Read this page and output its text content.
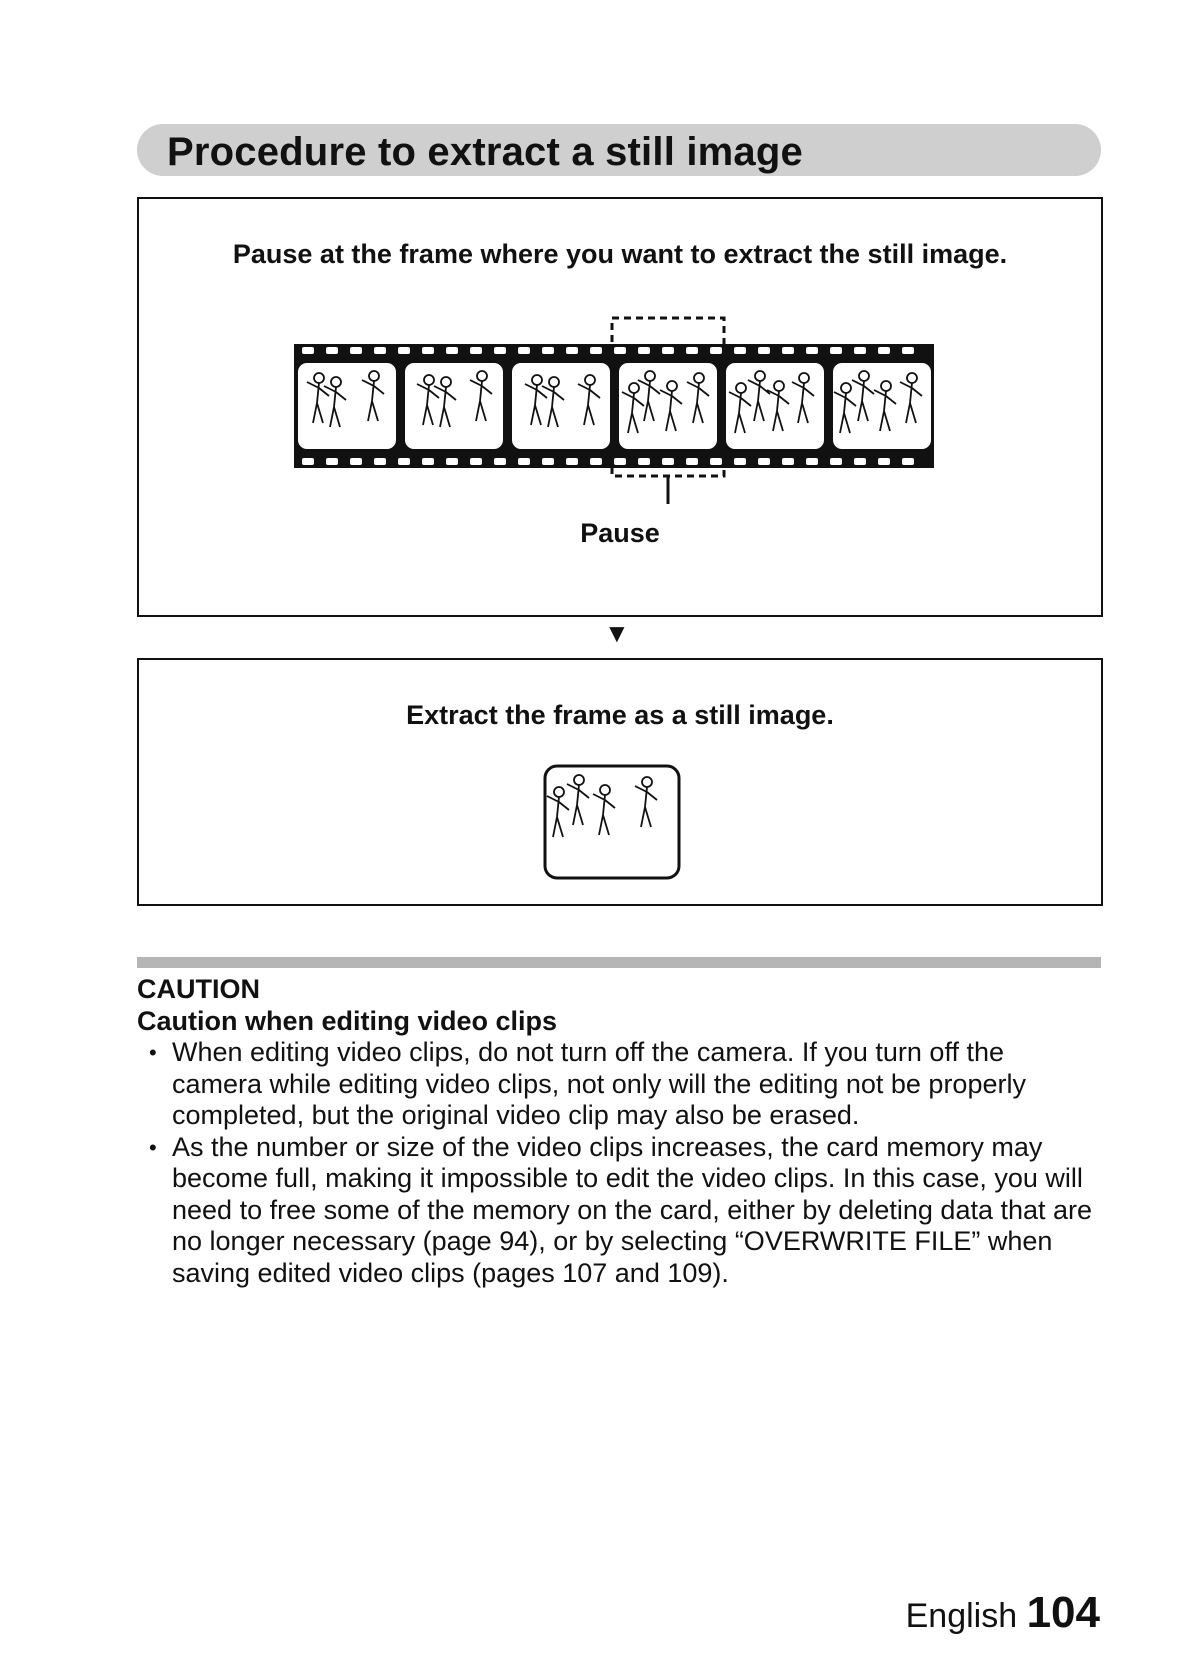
Procedure to extract a still image
Pause at the frame where you want to extract the still image.
Pause
▼
Extract the frame as a still image.
CAUTION
Caution when editing video clips
• When editing video clips, do not turn off the camera. If you turn off the camera while editing video clips, not only will the editing not be properly completed, but the original video clip may also be erased.
• As the number or size of the video clips increases, the card memory may become full, making it impossible to edit the video clips. In this case, you will need to free some of the memory on the card, either by deleting data that are no longer necessary (page 94), or by selecting “OVERWRITE FILE” when saving edited video clips (pages 107 and 109).
English 104
